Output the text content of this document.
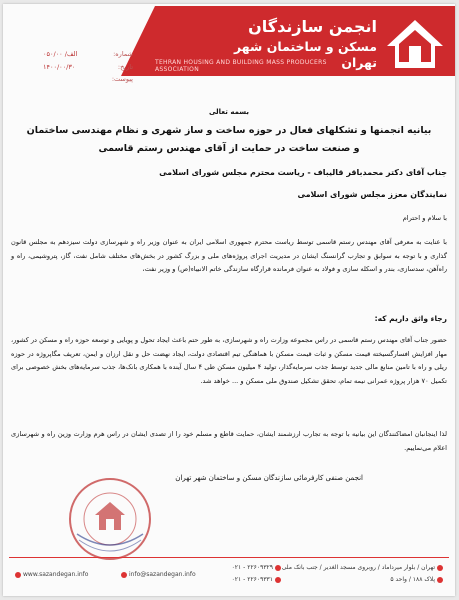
انجمن سازندگان
مسکن و ساختمان شهر تهران
TEHRAN HOUSING AND BUILDING MASS PRODUCERS ASSOCIATION
شماره:
الف/ ۰۵۰/۰۰
تاریخ:
۱۴۰۰/۰۰/۳۰
پیوست:
بسمه تعالی
بیانیه انجمنها و تشکلهای فعال در حوزه ساخت و ساز شهری و نظام مهندسی ساختمان و صنعت ساخت در حمایت از آقای مهندس رستم قاسمی
جناب آقای دکتر محمدباقر قالیباف - ریاست محترم مجلس شورای اسلامی
نمایندگان معزز مجلس شورای اسلامی
با سلام و احترام
با عنایت به معرفی آقای مهندس رستم قاسمی توسط ریاست محترم جمهوری اسلامی ایران به عنوان وزیر راه و شهرسازی دولت سیزدهم به مجلس قانون گذاری و با توجه به سوابق و تجارب گرانسنگ ایشان در مدیریت اجرای پروژه‌های ملی و بزرگ کشور در بخش‌های مختلف شامل نفت، گاز، پتروشیمی، راه و راه‌آهن، سدسازی، بندر و اسکله سازی و فولاد به عنوان فرمانده قرارگاه سازندگی خاتم الانبیاء(ص) و وزیر نفت،
رجاء واثق داریم که:
حضور جناب آقای مهندس رستم قاسمی در راس مجموعه وزارت راه و شهرسازی، به طور حتم باعث ایجاد تحول و پویایی و توسعه حوزه راه و مسکن در کشور، مهار افزایش افسارگسیخته قیمت مسکن و ثبات قیمت مسکن با هماهنگی تیم اقتصادی دولت، ایجاد نهضت حل و نقل ارزان و ایمن، تعریف مگاپروژه در حوزه ریلی و راه با تامین منابع مالی جدید توسط جذب سرمایه‌گذار، تولید ۴ میلیون مسکن طی ۴ سال آینده با همکاری بانک‌ها، جذب سرمایه‌های بخش خصوصی برای تکمیل ۷۰ هزار پروژه عمرانی نیمه تمام، تحقق تشکیل صندوق ملی مسکن و ... خواهد شد.
لذا اینجانبان امضاکنندگان این بیانیه با توجه به تجارب ارزشمند ایشان، حمایت قاطع و مسلم خود را از تصدی ایشان در راس هرم وزارت وزین راه و شهرسازی اعلام می‌نماییم.
انجمن صنفی کارفرمائی سازندگان مسکن و ساختمان شهر تهران
www.sazandegan.info	info@sazandegan.info
تهران / بلوار میرداماد / روبروی مسجد الغدیر / جنب بانک ملی
پلاک ۱۸۸ / واحد ۵
۲۲۶۰۹۳۲۹ - ۰۲۱
۲۲۶۰۹۳۳۱ - ۰۲۱
